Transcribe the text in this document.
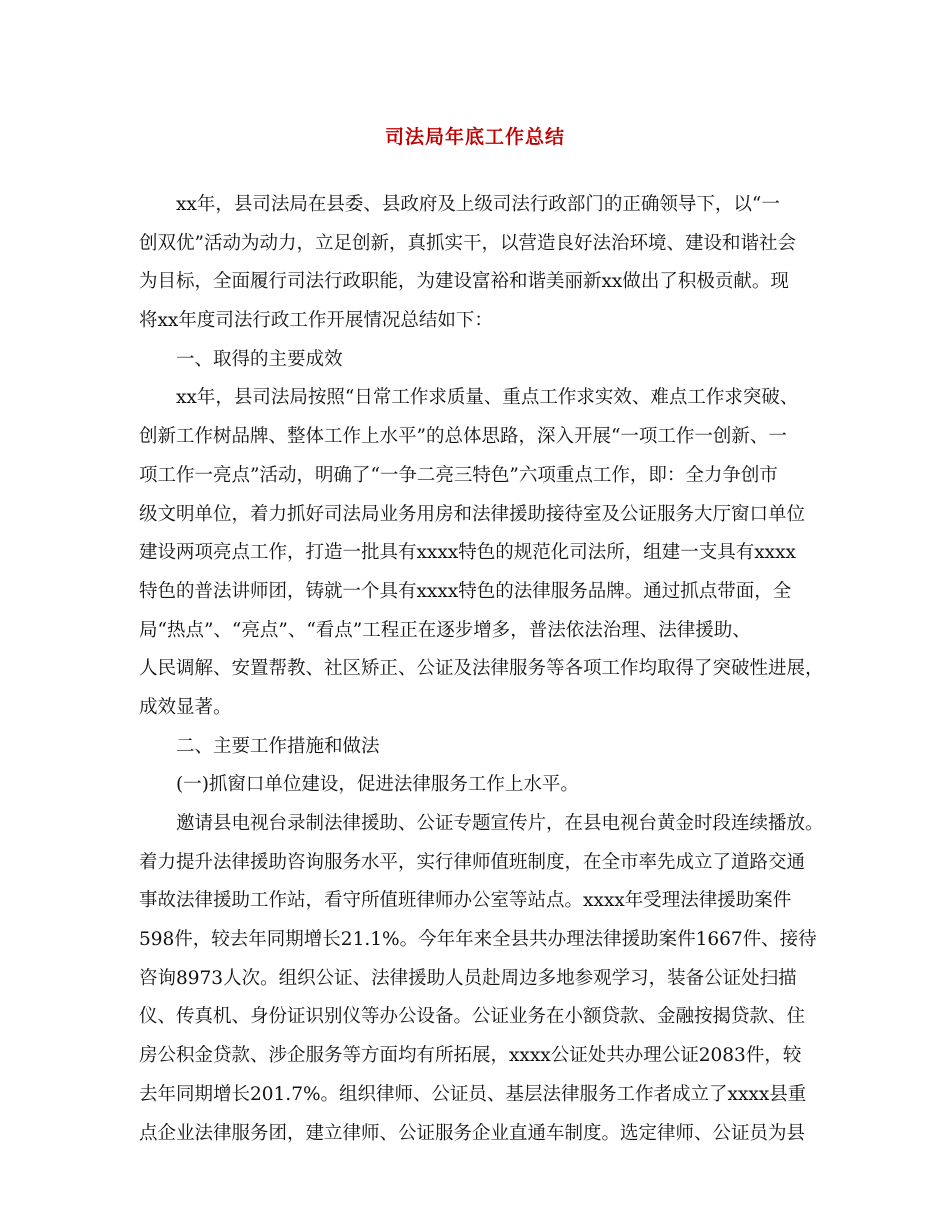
司法局年底工作总结
xx年，县司法局在县委、县政府及上级司法行政部门的正确领导下，以“一
创双优”活动为动力，立足创新，真抓实干，以营造良好法治环境、建设和谐社会
为目标，全面履行司法行政职能，为建设富裕和谐美丽新xx做出了积极贡献。现
将xx年度司法行政工作开展情况总结如下：
一、取得的主要成效
xx年，县司法局按照“日常工作求质量、重点工作求实效、难点工作求突破、
创新工作树品牌、整体工作上水平”的总体思路，深入开展“一项工作一创新、一
项工作一亮点”活动，明确了“一争二亮三特色”六项重点工作，即：全力争创市
级文明单位，着力抓好司法局业务用房和法律援助接待室及公证服务大厅窗口单位
建设两项亮点工作，打造一批具有xxxx特色的规范化司法所，组建一支具有xxxx
特色的普法讲师团，铸就一个具有xxxx特色的法律服务品牌。通过抓点带面，全
局“热点”、“亮点”、“看点”工程正在逐步增多，普法依法治理、法律援助、
人民调解、安置帮教、社区矫正、公证及法律服务等各项工作均取得了突破性进展，
成效显著。
二、主要工作措施和做法
(一)抓窗口单位建设，促进法律服务工作上水平。
邀请县电视台录制法律援助、公证专题宣传片，在县电视台黄金时段连续播放。
着力提升法律援助咨询服务水平，实行律师值班制度，在全市率先成立了道路交通
事故法律援助工作站，看守所值班律师办公室等站点。xxxx年受理法律援助案件
598件，较去年同期增长21.1%。今年年来全县共办理法律援助案件1667件、接待
咨询8973人次。组织公证、法律援助人员赴周边多地参观学习，装备公证处扫描
仪、传真机、身份证识别仪等办公设备。公证业务在小额贷款、金融按揭贷款、住
房公积金贷款、涉企服务等方面均有所拓展，xxxx公证处共办理公证2083件，较
去年同期增长201.7%。组织律师、公证员、基层法律服务工作者成立了xxxx县重
点企业法律服务团，建立律师、公证服务企业直通车制度。选定律师、公证员为县
